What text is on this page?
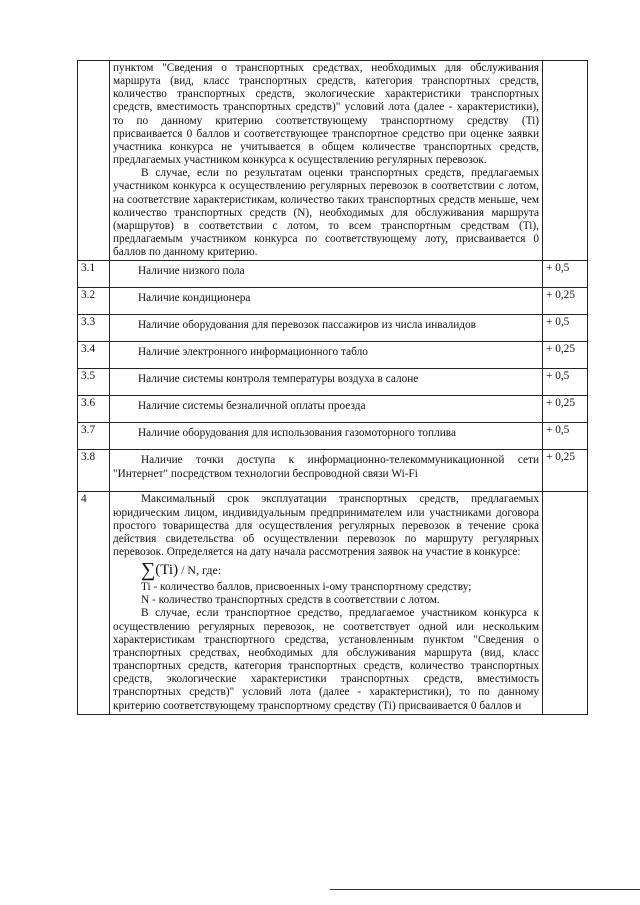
	пунктом "Сведения о транспортных средствах, необходимых для обслуживания маршрута (вид, класс транспортных средств, категория транспортных средств, количество транспортных средств, экологические характеристики транспортных средств, вместимость транспортных средств)" условий лота (далее - характеристики), то по данному критерию соответствующему транспортному средству (Ti) присваивается 0 баллов и соответствующее транспортное средство при оценке заявки участника конкурса не учитывается в общем количестве транспортных средств, предлагаемых участником конкурса к осуществлению регулярных перевозок.

В случае, если по результатам оценки транспортных средств, предлагаемых участником конкурса к осуществлению регулярных перевозок в соответствии с лотом, на соответствие характеристикам, количество таких транспортных средств меньше, чем количество транспортных средств (N), необходимых для обслуживания маршрута (маршрутов) в соответствии с лотом, то всем транспортным средствам (Ti), предлагаемым участником конкурса по соответствующему лоту, присваивается 0 баллов по данному критерию.	

3.1	Наличие низкого пола	+ 0,5
3.2	Наличие кондиционера	+ 0,25
3.3	Наличие оборудования для перевозок пассажиров из числа инвалидов	+ 0,5
3.4	Наличие электронного информационного табло	+ 0,25
3.5	Наличие системы контроля температуры воздуха в салоне	+ 0,5
3.6	Наличие системы безналичной оплаты проезда	+ 0,25
3.7	Наличие оборудования для использования газомоторного топлива	+ 0,5
3.8	Наличие точки доступа к информационно-телекоммуникационной сети "Интернет" посредством технологии беспроводной связи Wi-Fi	+ 0,25
4	Максимальный срок эксплуатации транспортных средств, предлагаемых юридическим лицом, индивидуальным предпринимателем или участниками договора простого товарищества для осуществления регулярных перевозок в течение срока действия свидетельства об осуществлении перевозок по маршруту регулярных перевозок. Определяется на дату начала рассмотрения заявок на участие в конкурсе:

∑(Ti) / N, где:

Ti - количество баллов, присвоенных i-ому транспортному средству;

N - количество транспортных средств в соответствии с лотом.

В случае, если транспортное средство, предлагаемое участником конкурса к осуществлению регулярных перевозок, не соответствует одной или нескольким характеристикам транспортного средства, установленным пунктом "Сведения о транспортных средствах, необходимых для обслуживания маршрута (вид, класс транспортных средств, категория транспортных средств, количество транспортных средств, экологические характеристики транспортных средств, вместимость транспортных средств)" условий лота (далее - характеристики), то по данному критерию соответствующему транспортному средству (Ti) присваивается 0 баллов и	
